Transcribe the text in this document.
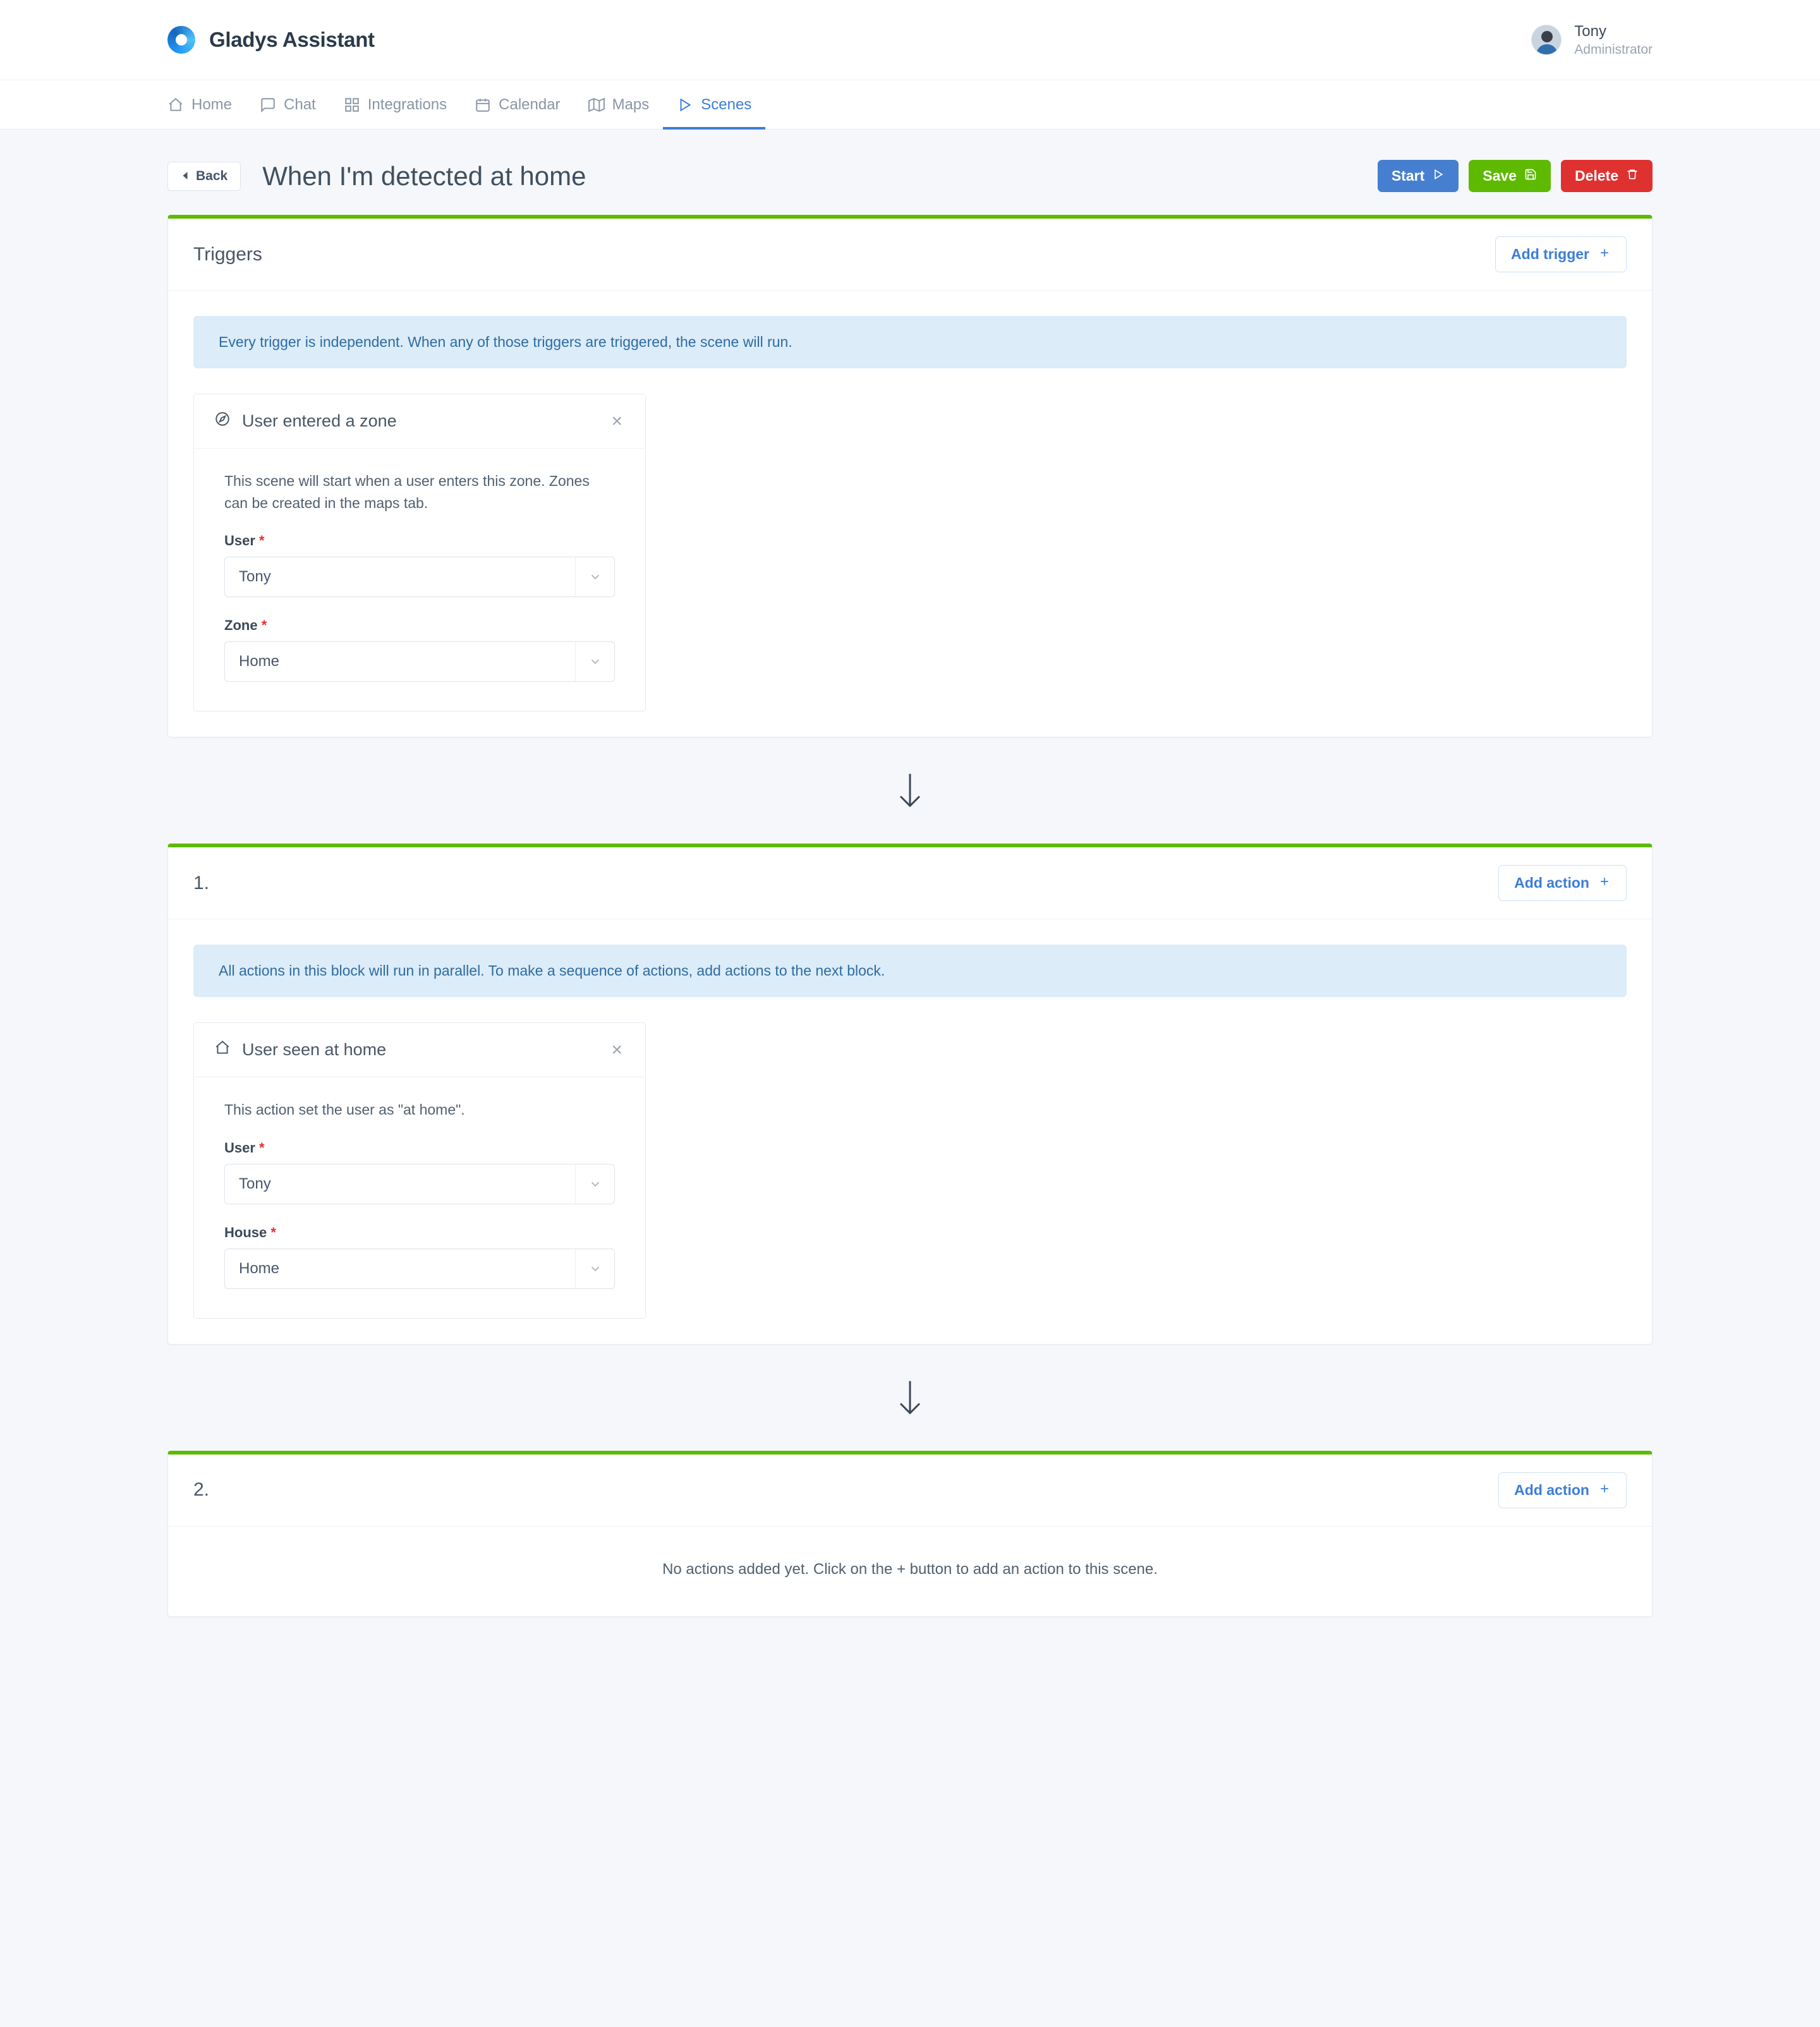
Gladys Assistant	Tony
Administrator
Home	Chat	Integrations	Calendar	Maps	Scenes
Back When I'm detected at home	Start	Save	Delete
Triggers	Add trigger
Every trigger is independent. When any of those triggers are triggered, the scene will run.
User entered a zone	×

This scene will start when a user enters this zone. Zones can be created in the maps tab.

User *
Tony
Zone *
Home
1.	Add action
All actions in this block will run in parallel. To make a sequence of actions, add actions to the next block.
User seen at home	×

This action set the user as "at home".

User *
Tony
House *
Home
2.	Add action
No actions added yet. Click on the + button to add an action to this scene.
